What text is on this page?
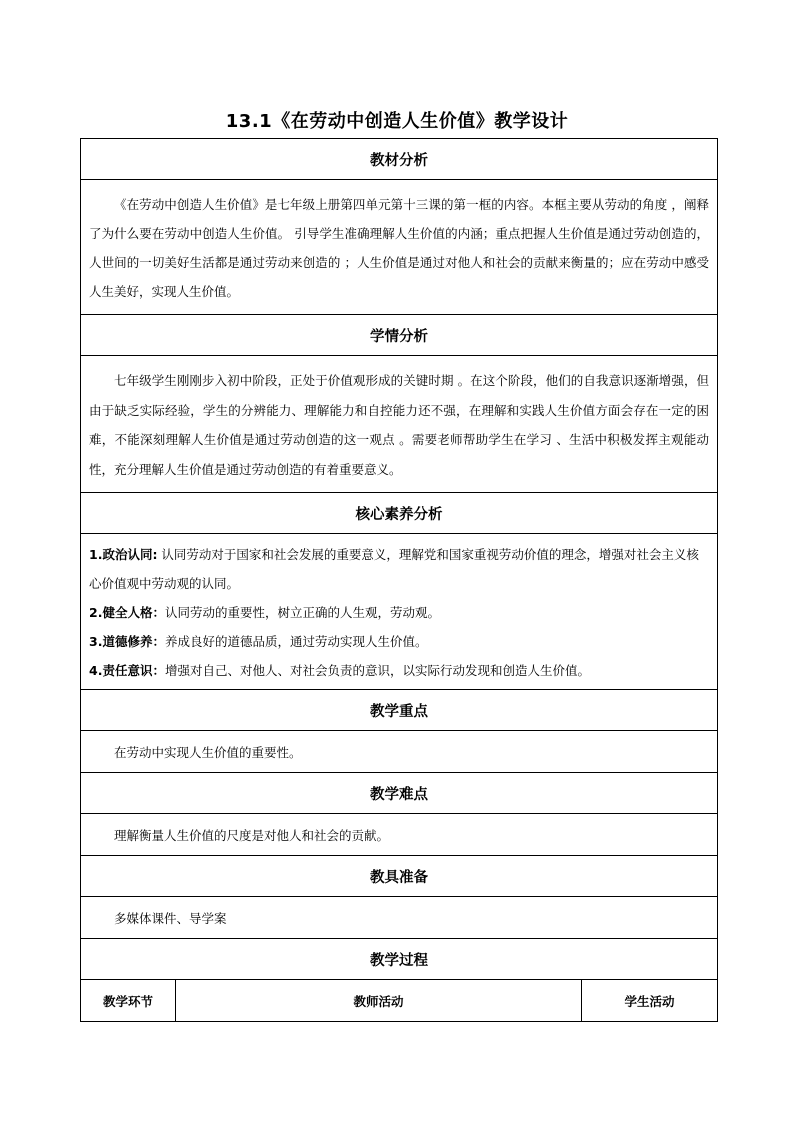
13.1《在劳动中创造人生价值》教学设计
教材分析
《在劳动中创造人生价值》是七年级上册第四单元第十三课的第一框的内容。本框主要从劳动的角度 ，阐释了为什么要在劳动中创造人生价值。 引导学生准确理解人生价值的内涵；重点把握人生价值是通过劳动创造的，人世间的一切美好生活都是通过劳动来创造的 ；人生价值是通过对他人和社会的贡献来衡量的；应在劳动中感受人生美好，实现人生价值。
学情分析
七年级学生刚刚步入初中阶段，正处于价值观形成的关键时期 。在这个阶段，他们的自我意识逐渐增强，但由于缺乏实际经验，学生的分辨能力、理解能力和自控能力还不强，在理解和实践人生价值方面会存在一定的困难，不能深刻理解人生价值是通过劳动创造的这一观点 。需要老师帮助学生在学习 、生活中积极发挥主观能动性，充分理解人生价值是通过劳动创造的有着重要意义。
核心素养分析

1.政治认同: 认同劳动对于国家和社会发展的重要意义，理解党和国家重视劳动价值的理念，增强对社会主义核心价值观中劳动观的认同。

2.健全人格：认同劳动的重要性，树立正确的人生观，劳动观。

3.道德修养：养成良好的道德品质，通过劳动实现人生价值。

4.责任意识：增强对自己、对他人、对社会负责的意识，以实际行动发现和创造人生价值。

教学重点
在劳动中实现人生价值的重要性。
教学难点
理解衡量人生价值的尺度是对他人和社会的贡献。
教具准备
多媒体课件、导学案
教学过程
教学环节	教师活动	学生活动
